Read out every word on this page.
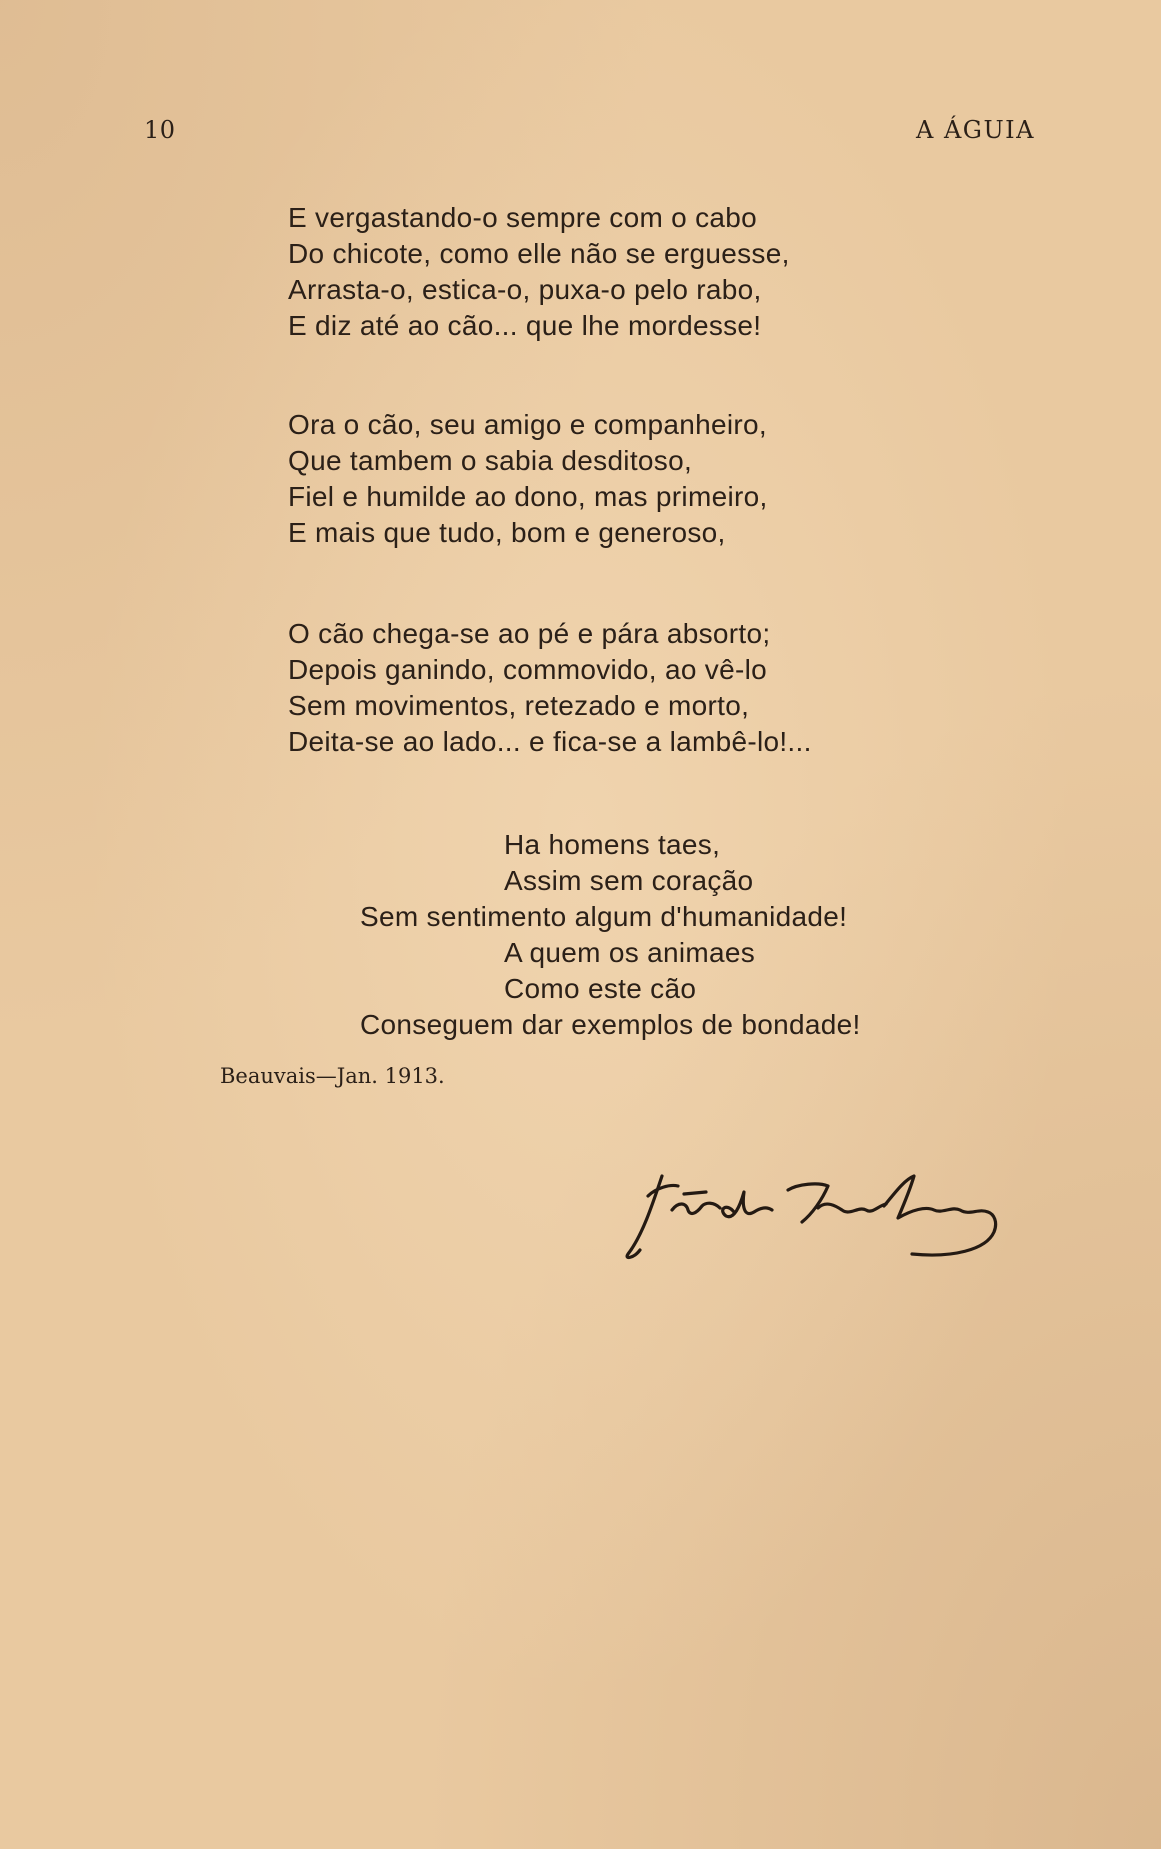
10	A ÁGUIA
E vergastando-o sempre com o cabo
Do chicote, como elle não se erguesse,
Arrasta-o, estica-o, puxa-o pelo rabo,
E diz até ao cão... que lhe mordesse!
Ora o cão, seu amigo e companheiro,
Que tambem o sabia desditoso,
Fiel e humilde ao dono, mas primeiro,
E mais que tudo, bom e generoso,
O cão chega-se ao pé e pára absorto;
Depois ganindo, commovido, ao vê-lo
Sem movimentos, retezado e morto,
Deita-se ao lado... e fica-se a lambê-lo!...
Ha homens taes,
Assim sem coração
Sem sentimento algum d'humanidade!
A quem os animaes
Como este cão
Conseguem dar exemplos de bondade!
Beauvais—Jan. 1913.
